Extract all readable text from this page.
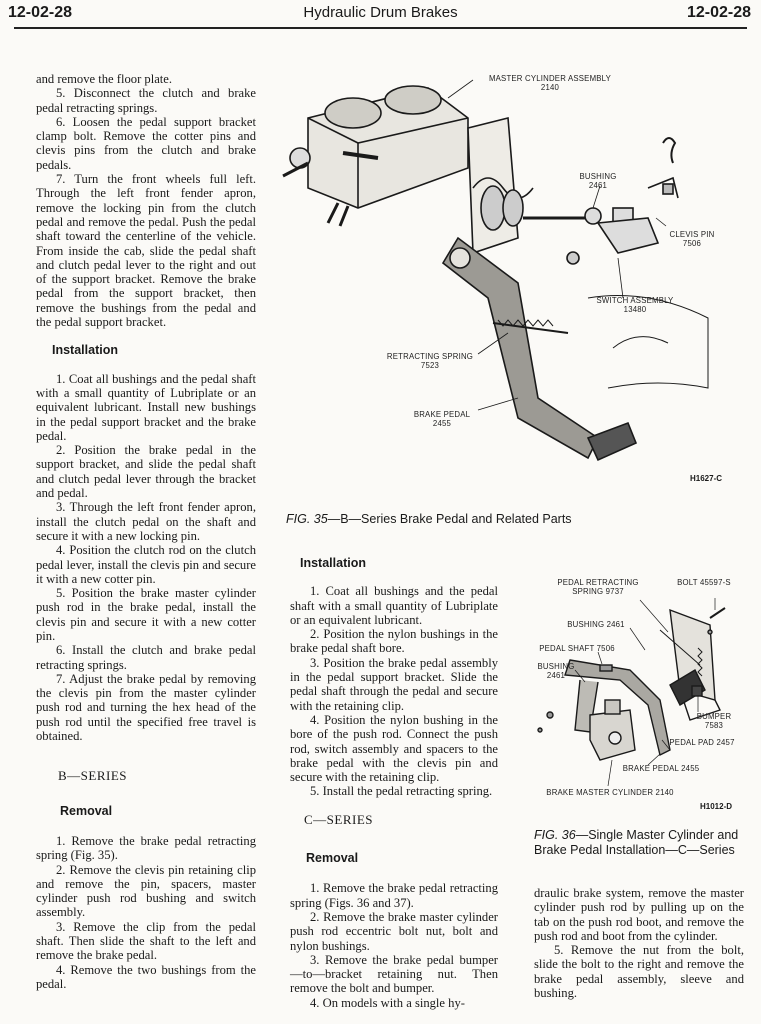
12-02-28	Hydraulic Drum Brakes	12-02-28

and remove the floor plate.

5. Disconnect the clutch and brake pedal retracting springs.

6. Loosen the pedal support bracket clamp bolt. Remove the cotter pins and clevis pins from the clutch and brake pedals.

7. Turn the front wheels full left. Through the left front fender apron, remove the locking pin from the clutch pedal and remove the pedal. Push the pedal shaft toward the centerline of the vehicle. From inside the cab, slide the pedal shaft and clutch pedal lever to the right and out of the support bracket. Remove the brake pedal from the support bracket, then remove the bushings from the pedal and the pedal support bracket.

Installation

1. Coat all bushings and the pedal shaft with a small quantity of Lubriplate or an equivalent lubricant. Install new bushings in the pedal support bracket and the brake pedal.

2. Position the brake pedal in the support bracket, and slide the pedal shaft and clutch pedal lever through the bracket and pedal.

3. Through the left front fender apron, install the clutch pedal on the shaft and secure it with a new locking pin.

4. Position the clutch rod on the clutch pedal lever, install the clevis pin and secure it with a new cotter pin.

5. Position the brake master cylinder push rod in the brake pedal, install the clevis pin and secure it with a new cotter pin.

6. Install the clutch and brake pedal retracting springs.

7. Adjust the brake pedal by removing the clevis pin from the master cylinder push rod and turning the hex head of the push rod until the specified free travel is obtained.

B—SERIES

Removal

1. Remove the brake pedal retracting spring (Fig. 35).

2. Remove the clevis pin retaining clip and remove the pin, spacers, master cylinder push rod bushing and switch assembly.

3. Remove the clip from the pedal shaft. Then slide the shaft to the left and remove the brake pedal.

4. Remove the two bushings from the pedal.

MASTER CYLINDER ASSEMBLY
2140
BUSHING
2461
CLEVIS PIN
7506
SWITCH ASSEMBLY
13480
RETRACTING SPRING
7523
BRAKE PEDAL
2455
H1627-C
FIG. 35—B—Series Brake Pedal and Related Parts

Installation

1. Coat all bushings and the pedal shaft with a small quantity of Lubriplate or an equivalent lubricant.

2. Position the nylon bushings in the brake pedal shaft bore.

3. Position the brake pedal assembly in the pedal support bracket. Slide the pedal shaft through the pedal and secure with the retaining clip.

4. Position the nylon bushing in the bore of the push rod. Connect the push rod, switch assembly and spacers to the brake pedal with the clevis pin and secure with the retaining clip.

5. Install the pedal retracting spring.

C—SERIES

Removal

1. Remove the brake pedal retracting spring (Figs. 36 and 37).

2. Remove the brake master cylinder push rod eccentric bolt nut, bolt and nylon bushings.

3. Remove the brake pedal bumper—to—bracket retaining nut. Then remove the bolt and bumper.

4. On models with a single hy-

PEDAL RETRACTING
SPRING 9737
BOLT 45597-S
BUSHING 2461
PEDAL SHAFT 7506
BUSHING
2461
BUMPER
7583
PEDAL PAD 2457
BRAKE PEDAL 2455
BRAKE MASTER CYLINDER 2140
H1012-D
FIG. 36—Single Master Cylinder and Brake Pedal Installation—C—Series

draulic brake system, remove the master cylinder push rod by pulling up on the tab on the push rod boot, and remove the push rod and boot from the cylinder.

5. Remove the nut from the bolt, slide the bolt to the right and remove the brake pedal assembly, sleeve and bushing.
